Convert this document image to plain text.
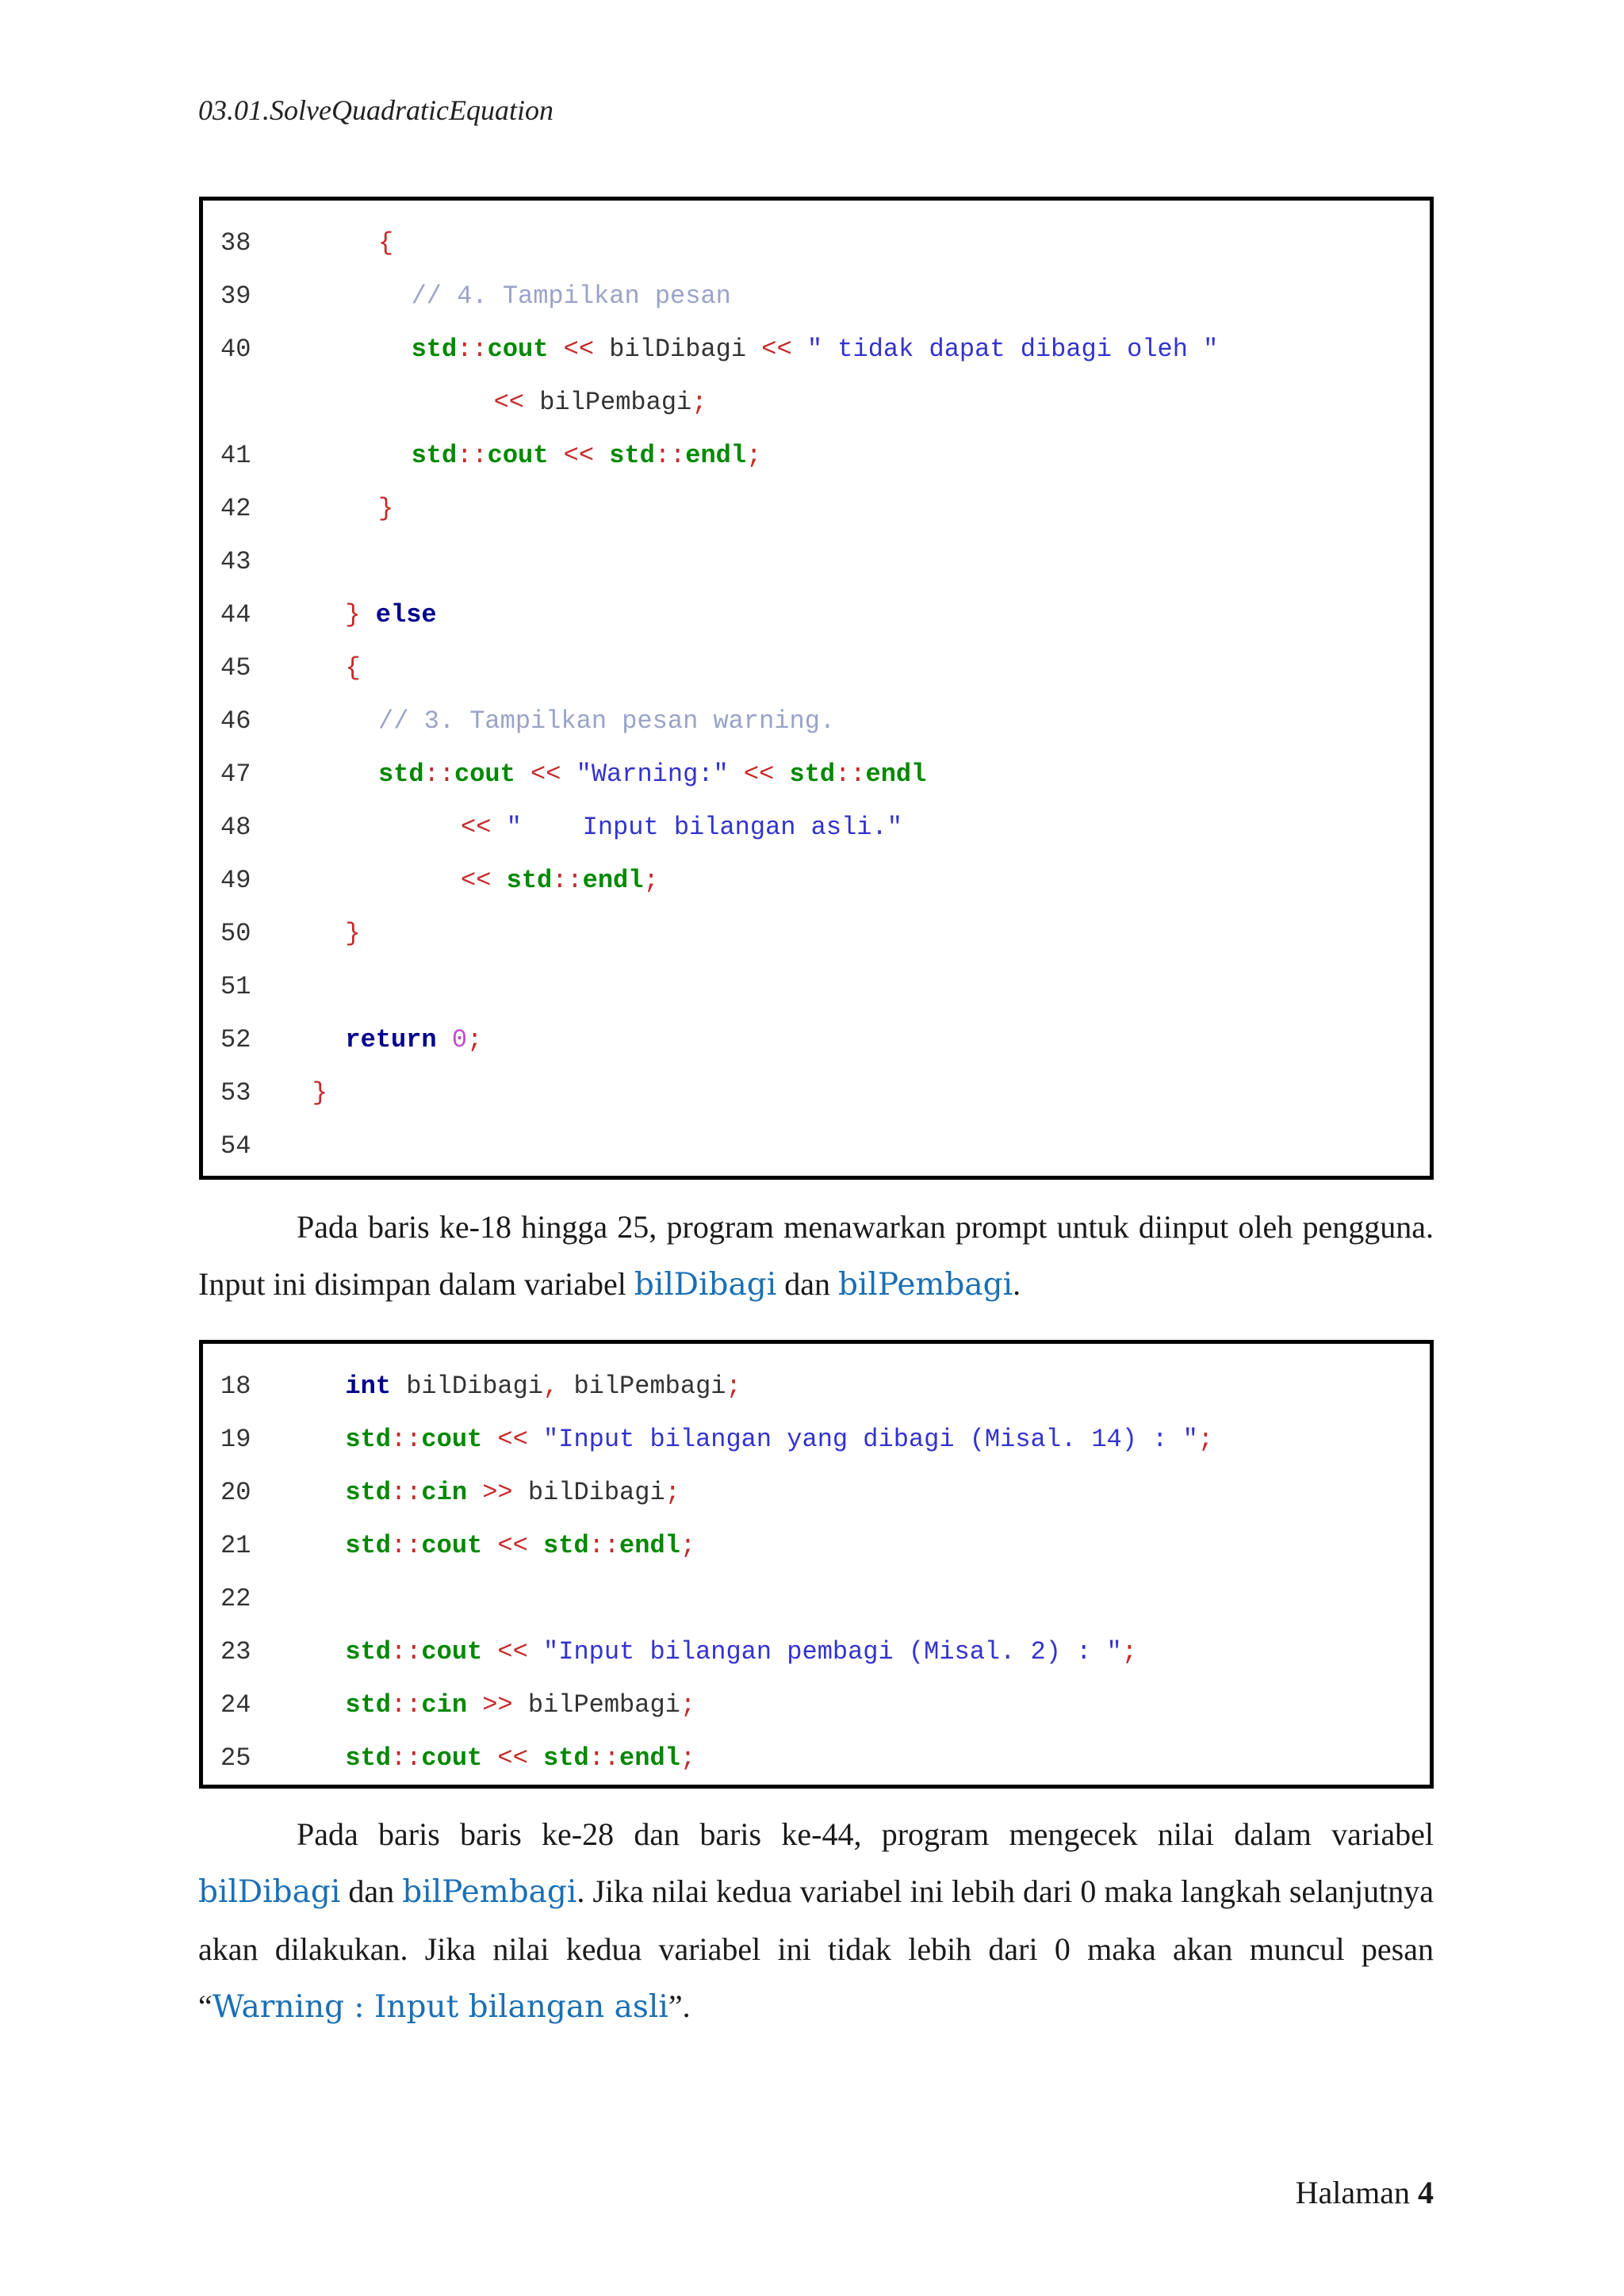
03.01.SolveQuadraticEquation
38	{
39	// 4. Tampilkan pesan
40	std::cout << bilDibagi << " tidak dapat dibagi oleh "
<< bilPembagi;
41	std::cout << std::endl;
42	}
43
44	} else
45	{
46	// 3. Tampilkan pesan warning.
47	std::cout << "Warning:" << std::endl
48	<< "    Input bilangan asli."
49	<< std::endl;
50	}
51
52	return 0;
53 }
54

Pada baris ke-18 hingga 25, program menawarkan prompt untuk diinput oleh pengguna. Input ini disimpan dalam variabel bilDibagi dan bilPembagi.

18	int bilDibagi, bilPembagi;
19	std::cout << "Input bilangan yang dibagi (Misal. 14) : ";
20	std::cin >> bilDibagi;
21	std::cout << std::endl;
22
23	std::cout << "Input bilangan pembagi (Misal. 2) : ";
24	std::cin >> bilPembagi;
25	std::cout << std::endl;

Pada baris baris ke-28 dan baris ke-44, program mengecek nilai dalam variabel bilDibagi dan bilPembagi. Jika nilai kedua variabel ini lebih dari 0 maka langkah selanjutnya akan dilakukan. Jika nilai kedua variabel ini tidak lebih dari 0 maka akan muncul pesan “Warning : Input bilangan asli”.

Halaman 4
